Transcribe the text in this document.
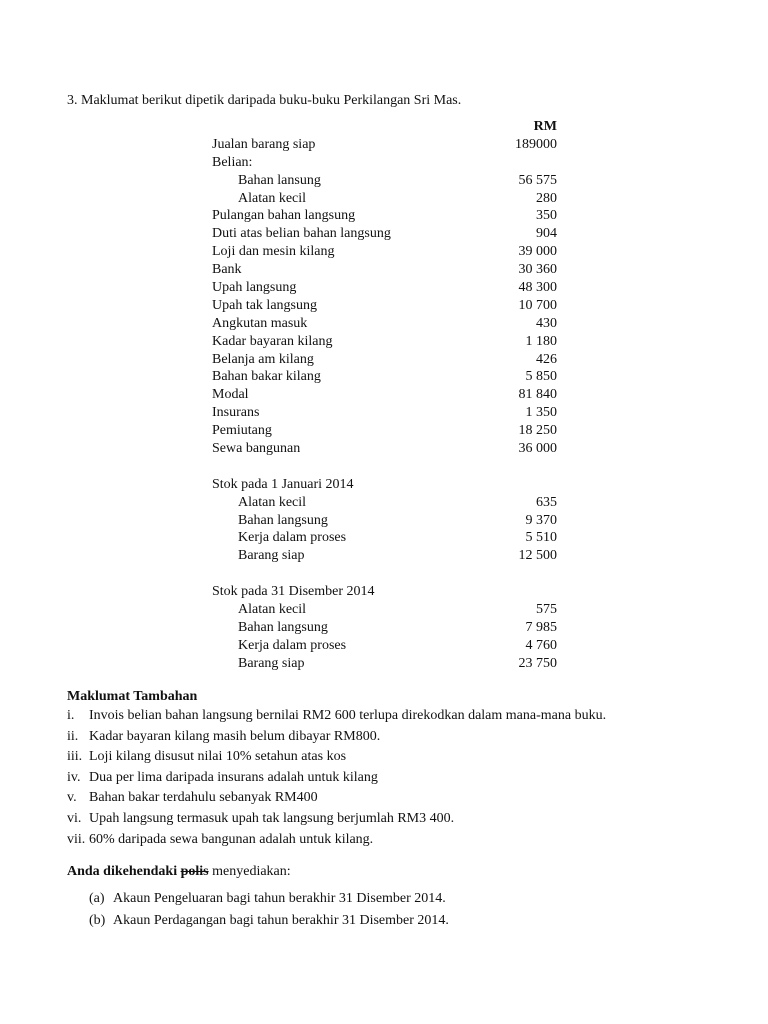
3. Maklumat berikut dipetik daripada buku-buku Perkilangan Sri Mas.
RM
Jualan barang siap	189000
Belian:
Bahan lansung	56 575
Alatan kecil	280
Pulangan bahan langsung	350
Duti atas belian bahan langsung	904
Loji dan mesin kilang	39 000
Bank	30 360
Upah langsung	48 300
Upah tak langsung	10 700
Angkutan masuk	430
Kadar bayaran kilang	1 180
Belanja am kilang	426
Bahan bakar kilang	5 850
Modal	81 840
Insurans	1 350
Pemiutang	18 250
Sewa bangunan	36 000
Stok pada 1 Januari 2014
Alatan kecil	635
Bahan langsung	9 370
Kerja dalam proses	5 510
Barang siap	12 500
Stok pada 31 Disember 2014
Alatan kecil	575
Bahan langsung	7 985
Kerja dalam proses	4 760
Barang siap	23 750
Maklumat Tambahan
i. Invois belian bahan langsung bernilai RM2 600 terlupa direkodkan dalam mana-mana buku.
ii. Kadar bayaran kilang masih belum dibayar RM800.
iii. Loji kilang disusut nilai 10% setahun atas kos
iv. Dua per lima daripada insurans adalah untuk kilang
v. Bahan bakar terdahulu sebanyak RM400
vi. Upah langsung termasuk upah tak langsung berjumlah RM3 400.
vii. 60% daripada sewa bangunan adalah untuk kilang.
Anda dikehendaki polis menyediakan:
(a) Akaun Pengeluaran bagi tahun berakhir 31 Disember 2014.
(b) Akaun Perdagangan bagi tahun berakhir 31 Disember 2014.
